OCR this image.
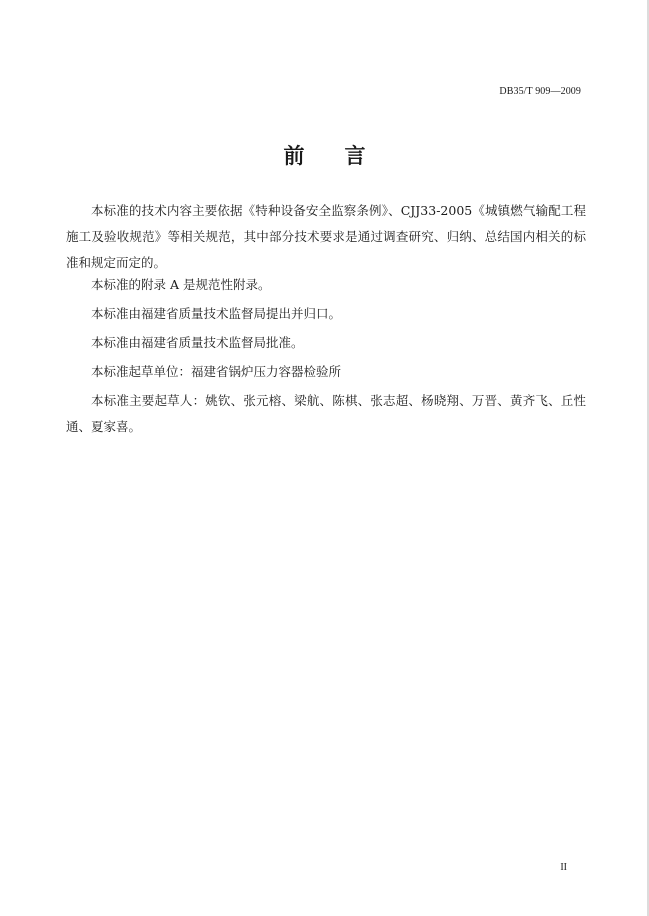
DB35/T 909—2009
前言
本标准的技术内容主要依据《特种设备安全监察条例》、CJJ33-2005《城镇燃气输配工程施工及验收规范》等相关规范，其中部分技术要求是通过调查研究、归纳、总结国内相关的标准和规定而定的。
本标准的附录 A 是规范性附录。
本标准由福建省质量技术监督局提出并归口。
本标准由福建省质量技术监督局批准。
本标准起草单位：福建省锅炉压力容器检验所
本标准主要起草人：姚钦、张元榕、梁航、陈棋、张志超、杨晓翔、万晋、黄齐飞、丘性通、夏家喜。
II
